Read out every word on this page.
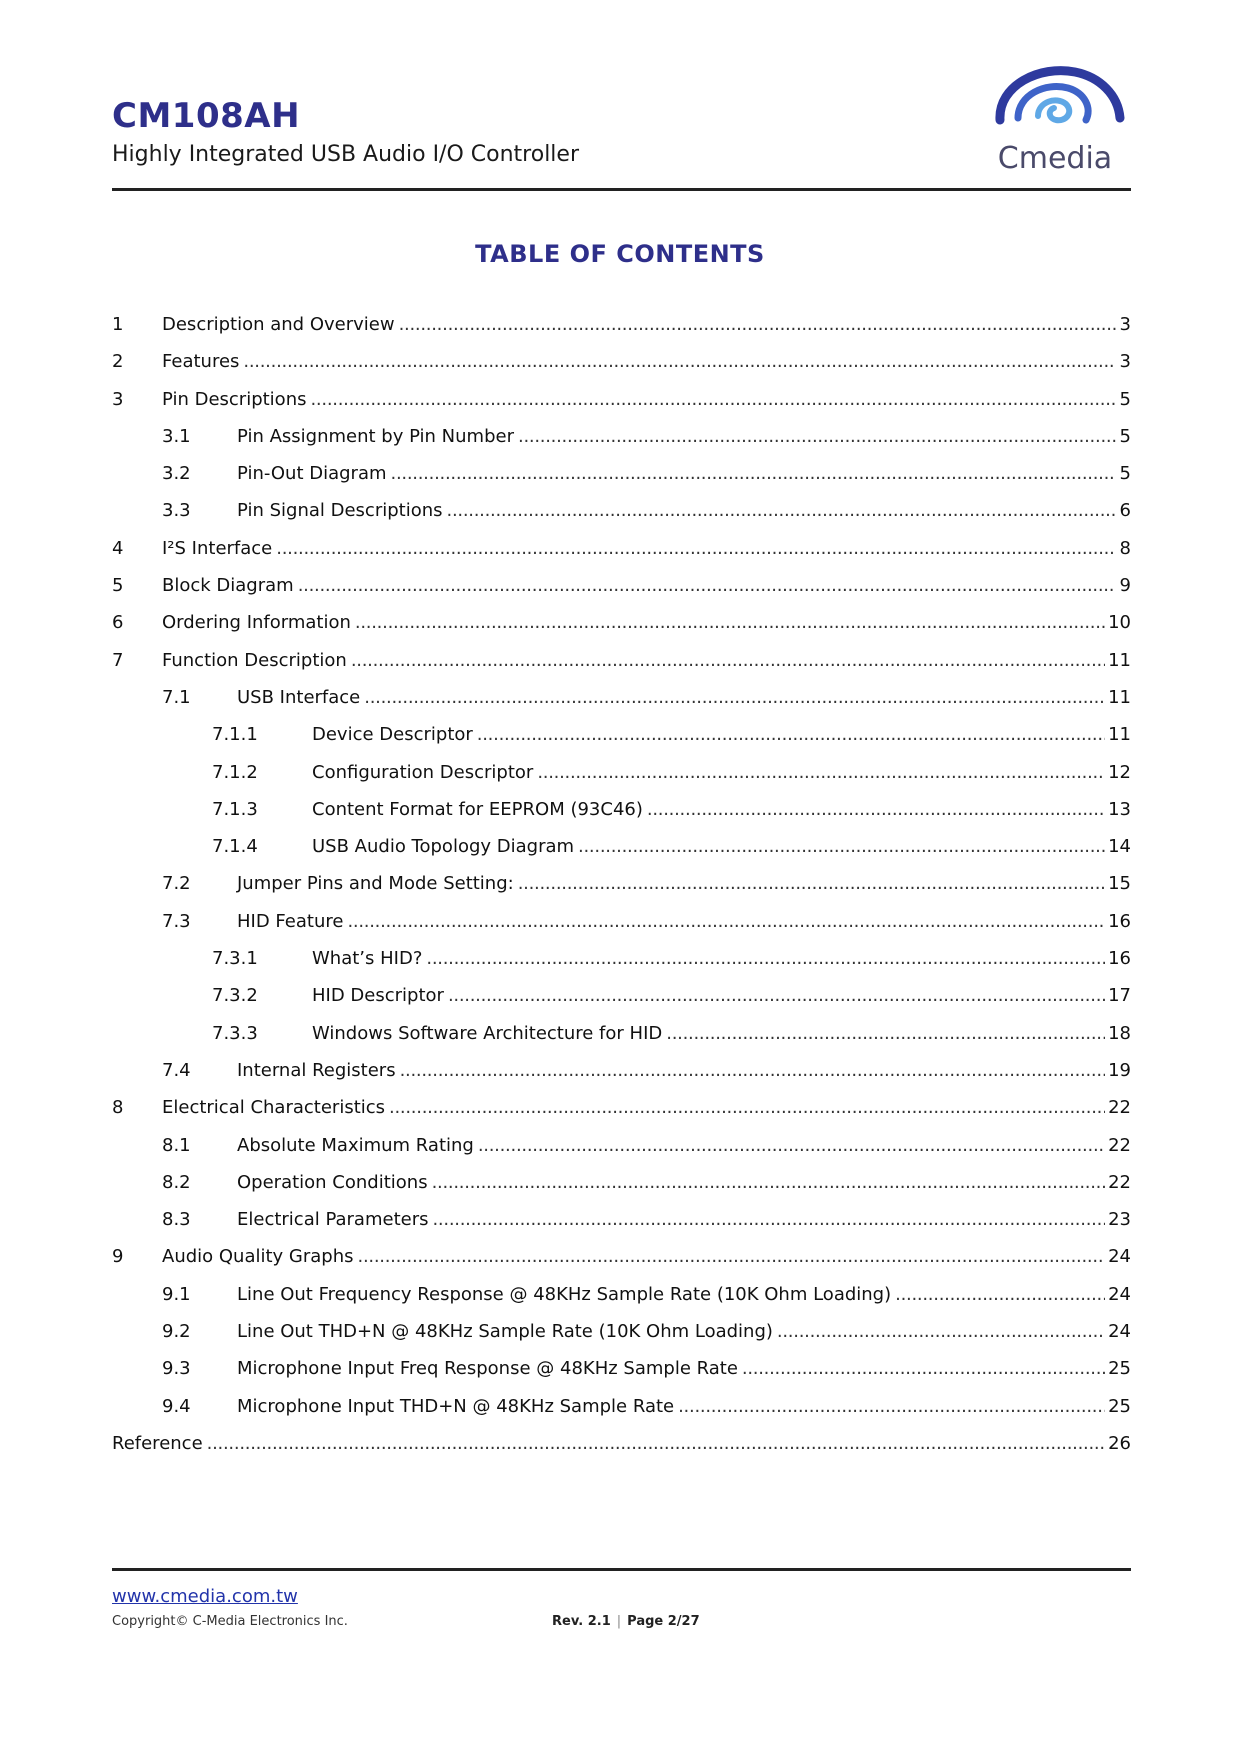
CM108AH

Highly Integrated USB Audio I/O Controller	Cmedia
TABLE OF CONTENTS
1	Description and Overview . . .	3
2	Features . . .	3
3	Pin Descriptions . . .	5
3.1	Pin Assignment by Pin Number . . .	5
3.2	Pin-Out Diagram . . .	5
3.3	Pin Signal Descriptions . . .	6
4	I²S Interface . . .	8
5	Block Diagram . . .	9
6	Ordering Information . . .	10
7	Function Description . . .	11
7.1	USB Interface . . .	11
7.1.1	Device Descriptor . . .	11
7.1.2	Configuration Descriptor . . .	12
7.1.3	Content Format for EEPROM (93C46) . . .	13
7.1.4	USB Audio Topology Diagram . . .	14
7.2	Jumper Pins and Mode Setting: . . .	15
7.3	HID Feature . . .	16
7.3.1	What’s HID? . . .	16
7.3.2	HID Descriptor . . .	17
7.3.3	Windows Software Architecture for HID . . .	18
7.4	Internal Registers . . .	19
8	Electrical Characteristics . . .	22
8.1	Absolute Maximum Rating . . .	22
8.2	Operation Conditions . . .	22
8.3	Electrical Parameters . . .	23
9	Audio Quality Graphs . . .	24
9.1	Line Out Frequency Response @ 48KHz Sample Rate (10K Ohm Loading) . . .	24
9.2	Line Out THD+N @ 48KHz Sample Rate (10K Ohm Loading) . . .	24
9.3	Microphone Input Freq Response @ 48KHz Sample Rate . . .	25
9.4	Microphone Input THD+N @ 48KHz Sample Rate . . .	25
Reference . . .	26
www.cmedia.com.tw
Copyright© C-Media Electronics Inc.	Rev. 2.1 | Page 2/27
